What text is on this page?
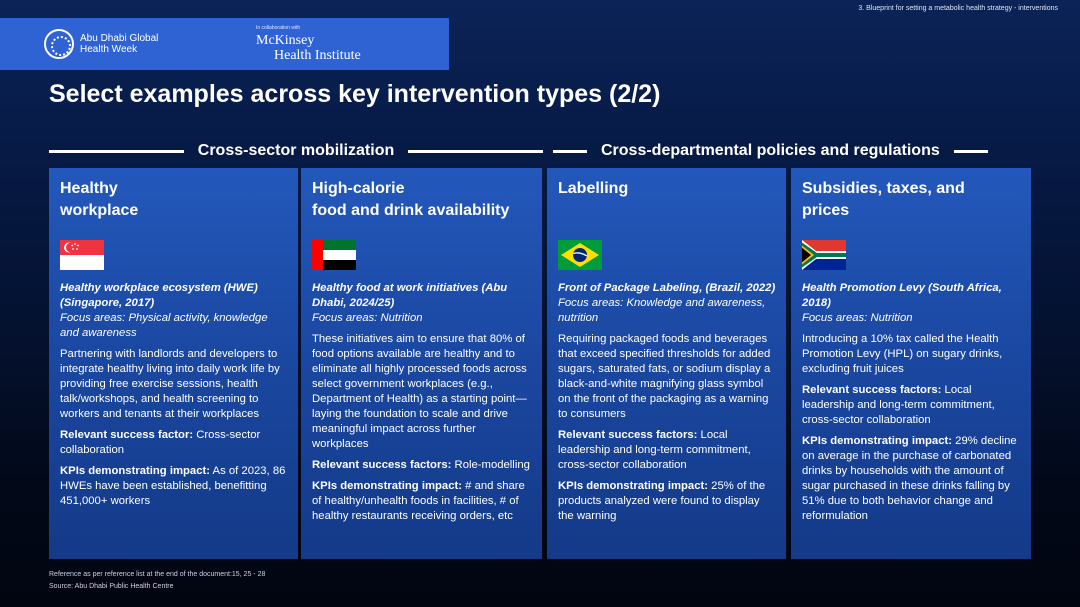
Abu Dhabi Global
Health Week
In collaboration with
McKinsey
Health Institute
3. Blueprint for setting a metabolic health strategy - interventions
Select examples across key intervention types (2/2)
Cross-sector mobilization	Cross-departmental policies and regulations
Healthy
workplace
Healthy workplace ecosystem (HWE) (Singapore, 2017)
Focus areas: Physical activity, knowledge and awareness

Partnering with landlords and developers to integrate healthy living into daily work life by providing free exercise sessions, health talk/workshops, and health screening to workers and tenants at their workplaces

Relevant success factor: Cross-sector collaboration

KPIs demonstrating impact: As of 2023, 86 HWEs have been established, benefitting 451,000+ workers

High-calorie
food and drink availability
Healthy food at work initiatives (Abu Dhabi, 2024/25)
Focus areas: Nutrition

These initiatives aim to ensure that 80% of food options available are healthy and to eliminate all highly processed foods across select government workplaces (e.g., Department of Health) as a starting point—laying the foundation to scale and drive meaningful impact across further workplaces

Relevant success factors: Role-modelling

KPIs demonstrating impact: # and share of healthy/unhealth foods in facilities, # of healthy restaurants receiving orders, etc

Labelling
Front of Package Labeling, (Brazil, 2022)
Focus areas: Knowledge and awareness, nutrition

Requiring packaged foods and beverages that exceed specified thresholds for added sugars, saturated fats, or sodium display a black-and-white magnifying glass symbol on the front of the packaging as a warning to consumers

Relevant success factors: Local leadership and long-term commitment, cross-sector collaboration

KPIs demonstrating impact: 25% of the products analyzed were found to display the warning

Subsidies, taxes, and
prices
Health Promotion Levy (South Africa, 2018)
Focus areas: Nutrition

Introducing a 10% tax called the Health Promotion Levy (HPL) on sugary drinks, excluding fruit juices

Relevant success factors: Local leadership and long-term commitment, cross-sector collaboration

KPIs demonstrating impact: 29% decline on average in the purchase of carbonated drinks by households with the amount of sugar purchased in these drinks falling by 51% due to both behavior change and reformulation

Reference as per reference list at the end of the document:15, 25 - 28
Source: Abu Dhabi Public Health Centre
